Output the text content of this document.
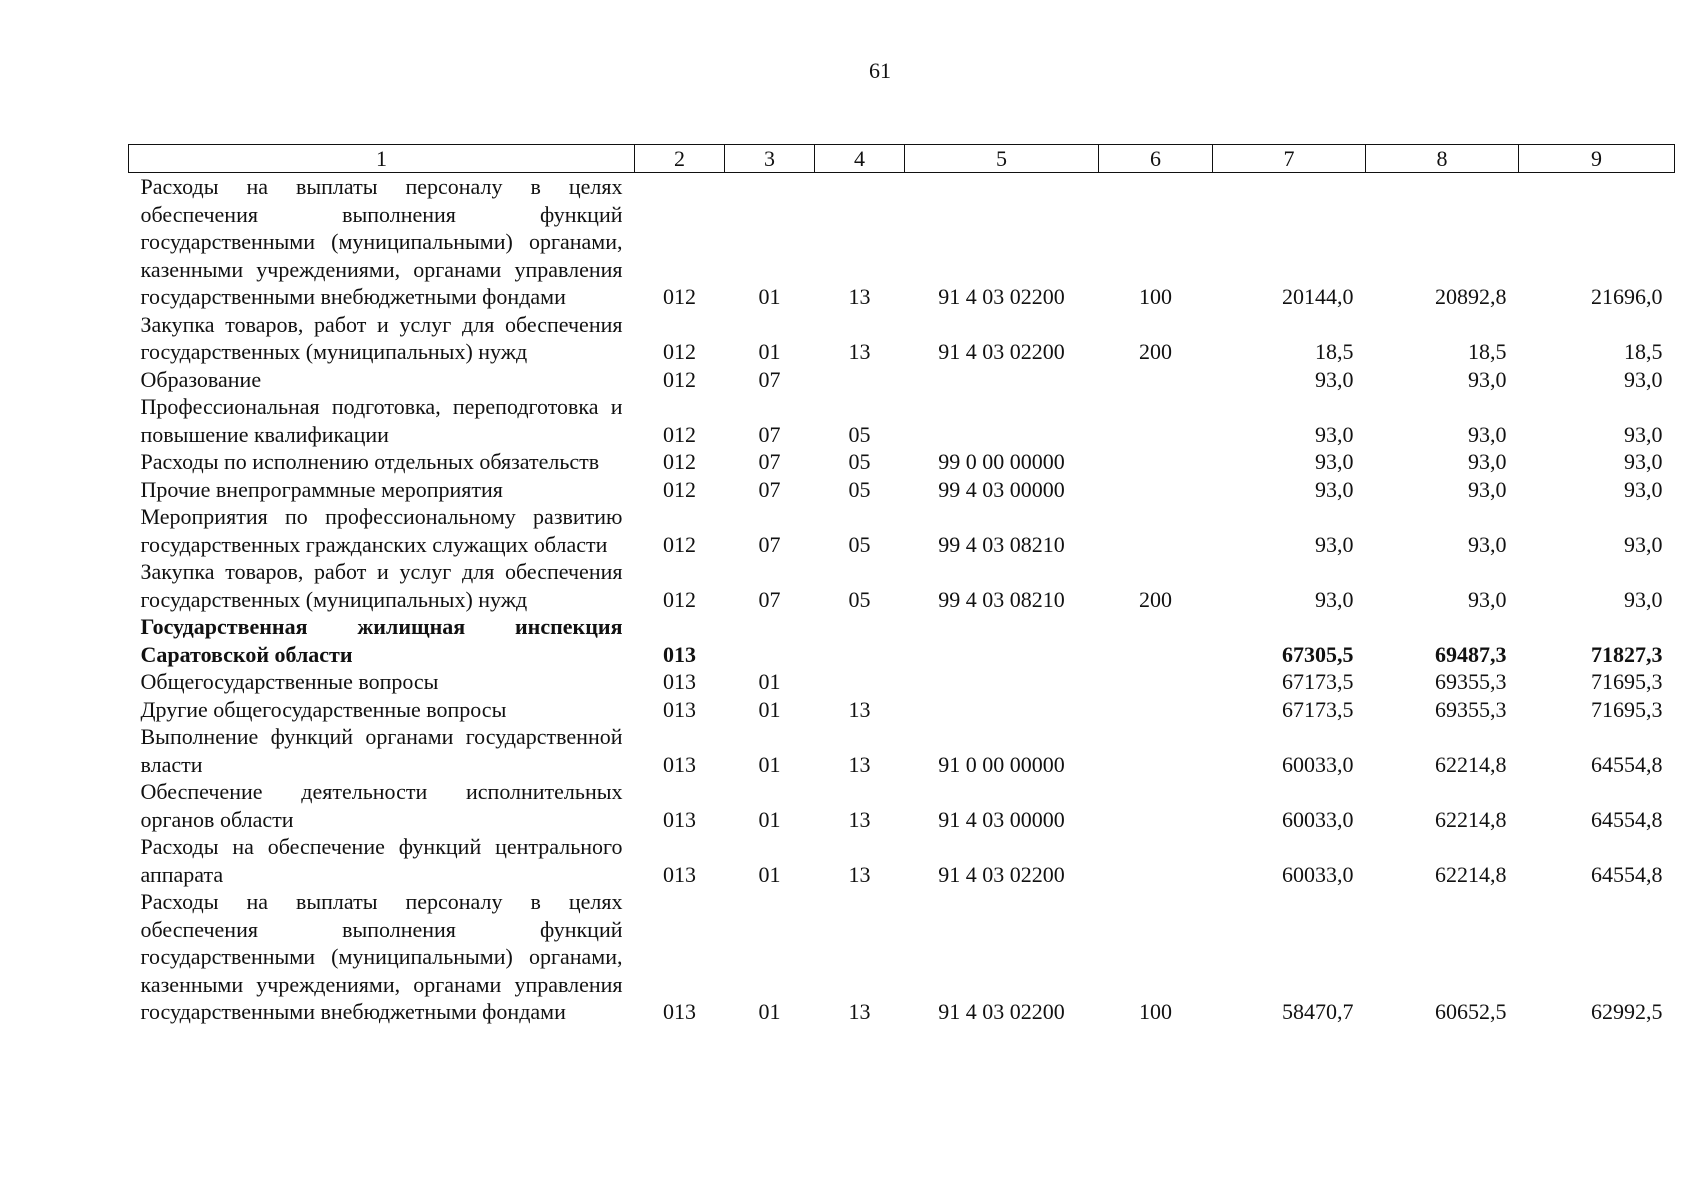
61
1	2	3	4	5	6	7	8	9
Расходы на выплаты персоналу в целях обеспечения выполнения функций государственными (муниципальными) органами, казенными учреждениями, органами управления государственными внебюджетными фондами	012	01	13	91 4 03 02200	100	20144,0	20892,8	21696,0
Закупка товаров, работ и услуг для обеспечения государственных (муниципальных) нужд	012	01	13	91 4 03 02200	200	18,5	18,5	18,5
Образование	012	07				93,0	93,0	93,0
Профессиональная подготовка, переподготовка и повышение квалификации	012	07	05			93,0	93,0	93,0
Расходы по исполнению отдельных обязательств	012	07	05	99 0 00 00000		93,0	93,0	93,0
Прочие внепрограммные мероприятия	012	07	05	99 4 03 00000		93,0	93,0	93,0
Мероприятия по профессиональному развитию государственных гражданских служащих области	012	07	05	99 4 03 08210		93,0	93,0	93,0
Закупка товаров, работ и услуг для обеспечения государственных (муниципальных) нужд	012	07	05	99 4 03 08210	200	93,0	93,0	93,0
Государственная жилищная инспекция Саратовской области	013					67305,5	69487,3	71827,3
Общегосударственные вопросы	013	01				67173,5	69355,3	71695,3
Другие общегосударственные вопросы	013	01	13			67173,5	69355,3	71695,3
Выполнение функций органами государственной власти	013	01	13	91 0 00 00000		60033,0	62214,8	64554,8
Обеспечение деятельности исполнительных органов области	013	01	13	91 4 03 00000		60033,0	62214,8	64554,8
Расходы на обеспечение функций центрального аппарата	013	01	13	91 4 03 02200		60033,0	62214,8	64554,8
Расходы на выплаты персоналу в целях обеспечения выполнения функций государственными (муниципальными) органами, казенными учреждениями, органами управления государственными внебюджетными фондами	013	01	13	91 4 03 02200	100	58470,7	60652,5	62992,5
